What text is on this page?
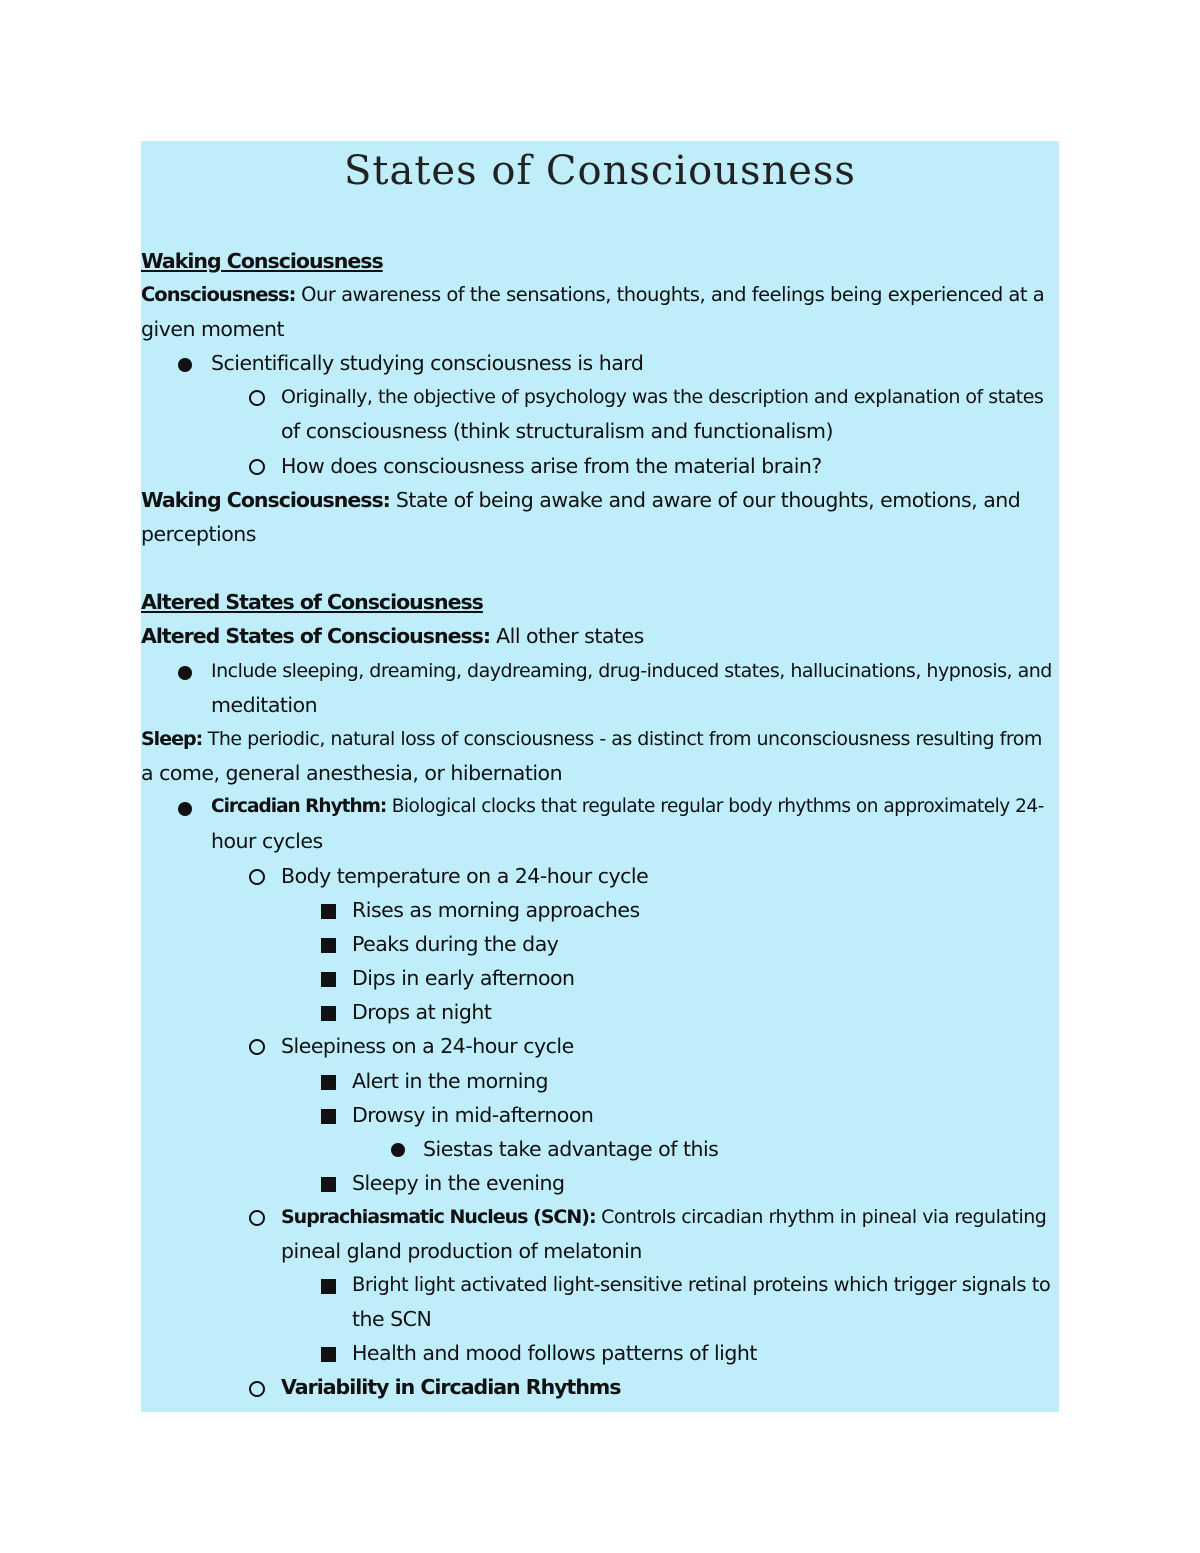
States of Consciousness
Waking Consciousness
Consciousness: Our awareness of the sensations, thoughts, and feelings being experienced at a
given moment
Scientifically studying consciousness is hard
Originally, the objective of psychology was the description and explanation of states
of consciousness (think structuralism and functionalism)
How does consciousness arise from the material brain?
Waking Consciousness: State of being awake and aware of our thoughts, emotions, and
perceptions
Altered States of Consciousness
Altered States of Consciousness: All other states
Include sleeping, dreaming, daydreaming, drug-induced states, hallucinations, hypnosis, and
meditation
Sleep: The periodic, natural loss of consciousness - as distinct from unconsciousness resulting from
a come, general anesthesia, or hibernation
Circadian Rhythm: Biological clocks that regulate regular body rhythms on approximately 24-
hour cycles
Body temperature on a 24-hour cycle
Rises as morning approaches
Peaks during the day
Dips in early afternoon
Drops at night
Sleepiness on a 24-hour cycle
Alert in the morning
Drowsy in mid-afternoon
Siestas take advantage of this
Sleepy in the evening
Suprachiasmatic Nucleus (SCN): Controls circadian rhythm in pineal via regulating
pineal gland production of melatonin
Bright light activated light-sensitive retinal proteins which trigger signals to
the SCN
Health and mood follows patterns of light
Variability in Circadian Rhythms
